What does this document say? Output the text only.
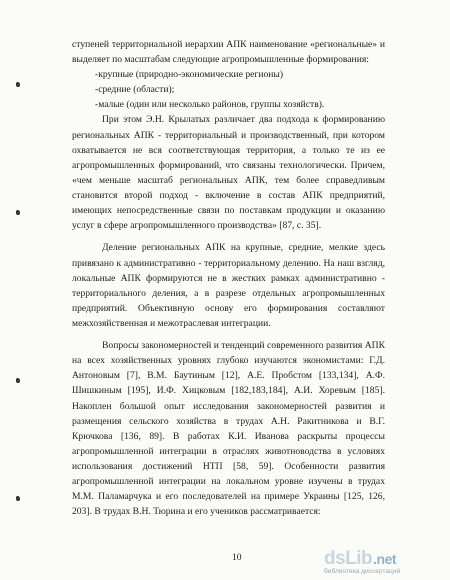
ступеней территориальной иерархии АПК наименование «региональные» и выделяет по масштабам следующие агропромышленные формирования:

-крупные (природно-экономические регионы)

-средние (области);

-малые (один или несколько районов, группы хозяйств).

При этом Э.Н. Крылатых различает два подхода к формированию региональных АПК - территориальный и производственный, при котором охватывается не вся соответствующая территория, а только те из ее агропромышленных формирований, что связаны технологически. Причем, «чем меньше масштаб региональных АПК, тем более справедливым становится второй подход - включение в состав АПК предприятий, имеющих непосредственные связи по поставкам продукции и оказанию услуг в сфере агропромышленного производства» [87, с. 35].

Деление региональных АПК на крупные, средние, мелкие здесь привязано к административно - территориальному делению. На наш взгляд, локальные АПК формируются не в жестких рамках административно - территориального деления, а в разрезе отдельных агропромышленных предприятий. Объективную основу его формирования составляют межхозяйственная и межотраслевая интеграции.

Вопросы закономерностей и тенденций современного развития АПК на всех хозяйственных уровнях глубоко изучаются экономистами: Г.Д. Антоновым [7], В.М. Баутиным [12], А.Е. Пробстом [133,134], А.Ф. Шишкиным [195], И.Ф. Хицковым [182,183,184], А.И. Хоревым [185]. Накоплен большой опыт исследования закономерностей развития и размещения сельского хозяйства в трудах А.Н. Ракитникова и В.Г. Крючкова [136, 89]. В работах К.И. Иванова раскрыты процессы агропромышленной интеграции в отраслях животноводства в условиях использования достижений НТП [58, 59]. Особенности развития агропромышленной интеграции на локальном уровне изучены в трудах М.М. Паламарчука и его последователей на примере Украины [125, 126, 203]. В трудах В.Н. Тюрина и его учеников рассматривается:

10	dsLib.net
библиотека диссертаций
